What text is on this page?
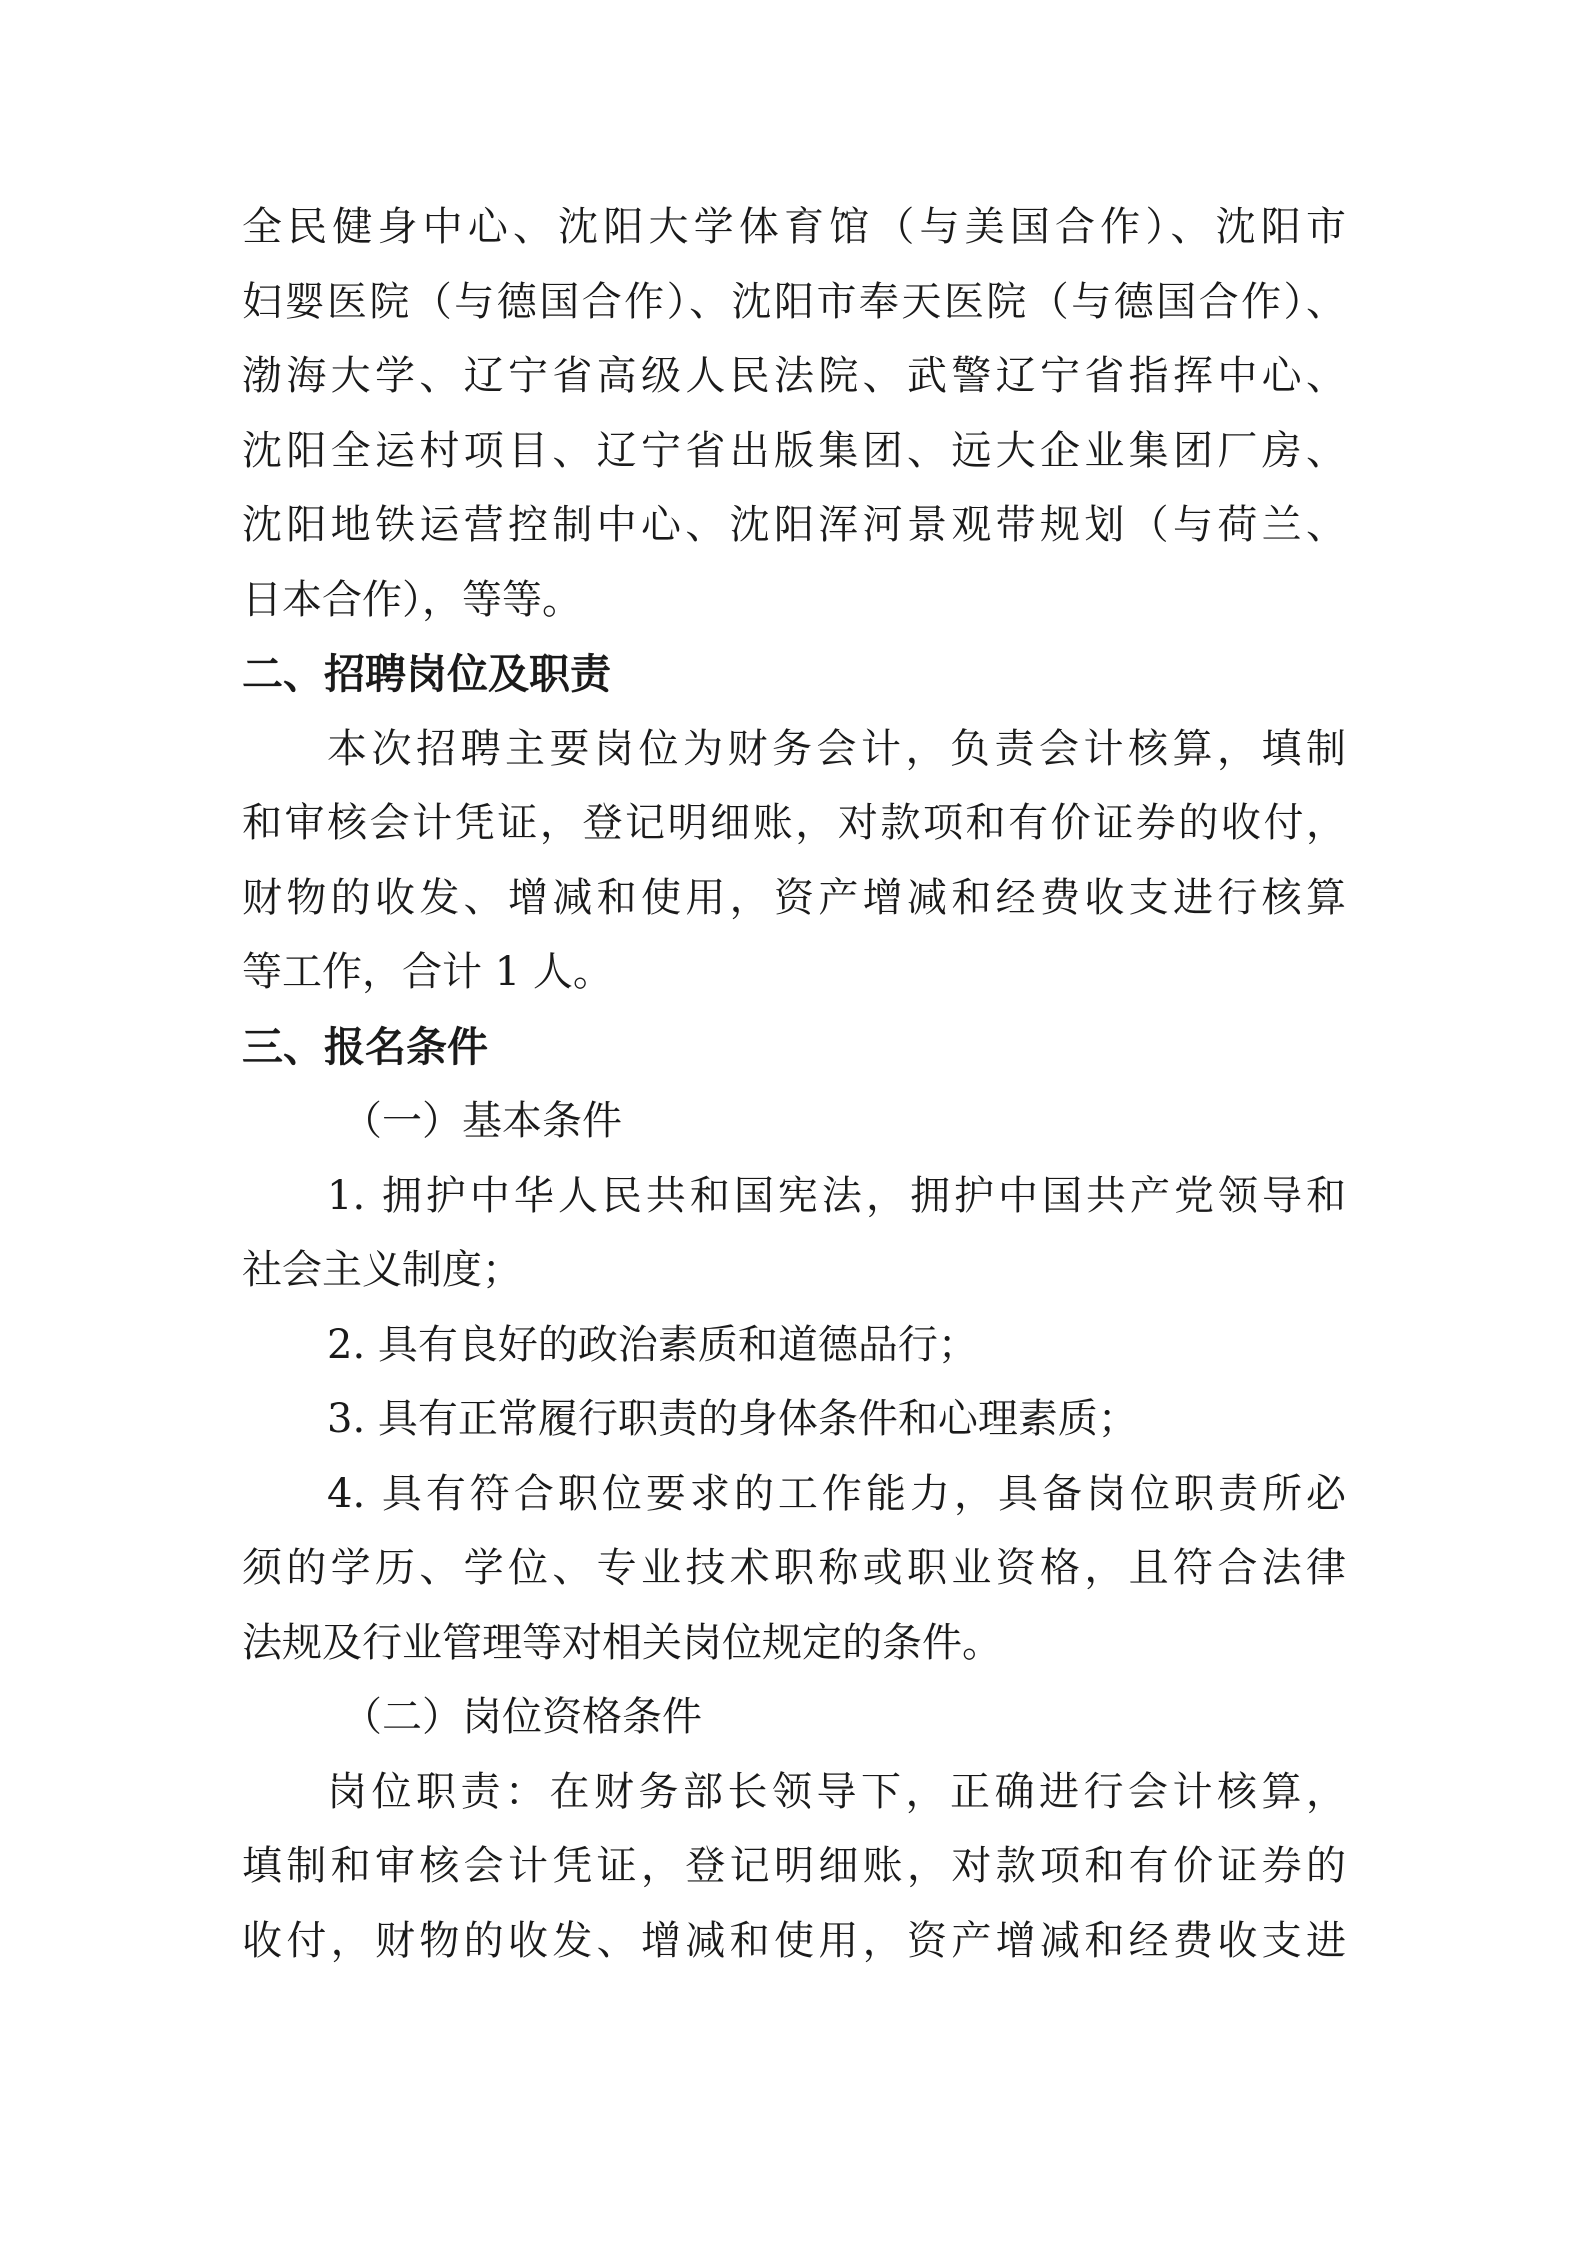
全民健身中心、沈阳大学体育馆（与美国合作）、沈阳市
妇婴医院（与德国合作）、沈阳市奉天医院（与德国合作）、
渤海大学、辽宁省高级人民法院、武警辽宁省指挥中心、
沈阳全运村项目、辽宁省出版集团、远大企业集团厂房、
沈阳地铁运营控制中心、沈阳浑河景观带规划（与荷兰、
日本合作），等等。
二、招聘岗位及职责
本次招聘主要岗位为财务会计，负责会计核算，填制
和审核会计凭证，登记明细账，对款项和有价证券的收付，
财物的收发、增减和使用，资产增减和经费收支进行核算
等工作，合计 1 人。
三、报名条件
（一）基本条件
1. 拥护中华人民共和国宪法，拥护中国共产党领导和
社会主义制度；
2. 具有良好的政治素质和道德品行；
3. 具有正常履行职责的身体条件和心理素质；
4. 具有符合职位要求的工作能力，具备岗位职责所必
须的学历、学位、专业技术职称或职业资格，且符合法律
法规及行业管理等对相关岗位规定的条件。
（二）岗位资格条件
岗位职责：在财务部长领导下，正确进行会计核算，
填制和审核会计凭证，登记明细账，对款项和有价证券的
收付，财物的收发、增减和使用，资产增减和经费收支进
